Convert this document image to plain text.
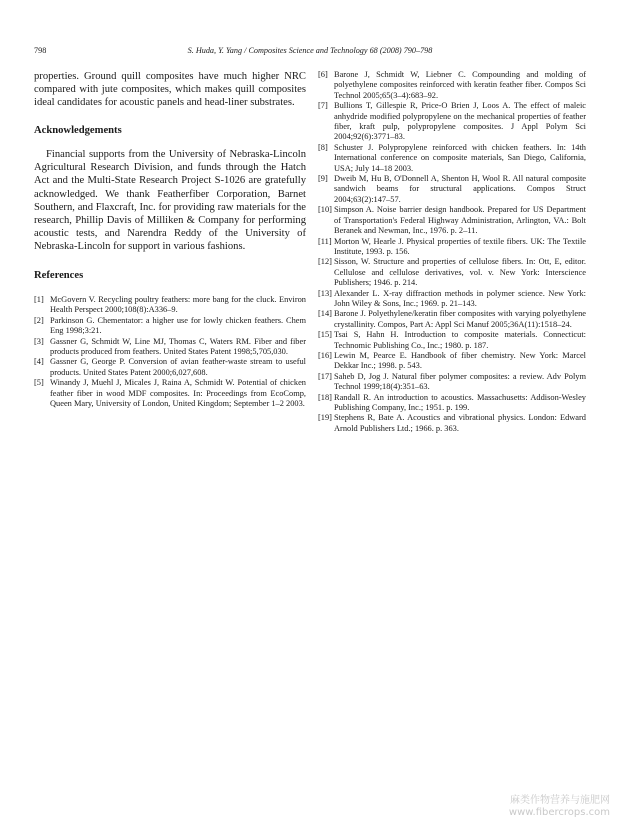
798	S. Huda, Y. Yang / Composites Science and Technology 68 (2008) 790–798

properties. Ground quill composites have much higher NRC compared with jute composites, which makes quill composites ideal candidates for acoustic panels and head-liner substrates.

Acknowledgements

Financial supports from the University of Nebraska-Lincoln Agricultural Research Division, and funds through the Hatch Act and the Multi-State Research Project S-1026 are gratefully acknowledged. We thank Featherfiber Corporation, Barnet Southern, and Flaxcraft, Inc. for providing raw materials for the research, Phillip Davis of Milliken & Company for performing acoustic tests, and Narendra Reddy of the University of Nebraska-Lincoln for support in various fashions.

References
[1] McGovern V. Recycling poultry feathers: more bang for the cluck. Environ Health Perspect 2000;108(8):A336–9.
[2] Parkinson G. Chementator: a higher use for lowly chicken feathers. Chem Eng 1998;3:21.
[3] Gassner G, Schmidt W, Line MJ, Thomas C, Waters RM. Fiber and fiber products produced from feathers. United States Patent 1998;5,705,030.
[4] Gassner G, George P. Conversion of avian feather-waste stream to useful products. United States Patent 2000;6,027,608.
[5] Winandy J, Muehl J, Micales J, Raina A, Schmidt W. Potential of chicken feather fiber in wood MDF composites. In: Proceedings from EcoComp, Queen Mary, University of London, United Kingdom; September 1–2 2003.
[6] Barone J, Schmidt W, Liebner C. Compounding and molding of polyethylene composites reinforced with keratin feather fiber. Compos Sci Technol 2005;65(3–4):683–92.
[7] Bullions T, Gillespie R, Price-O Brien J, Loos A. The effect of maleic anhydride modified polypropylene on the mechanical properties of feather fiber, kraft pulp, polypropylene composites. J Appl Polym Sci 2004;92(6):3771–83.
[8] Schuster J. Polypropylene reinforced with chicken feathers. In: 14th International conference on composite materials, San Diego, California, USA; July 14–18 2003.
[9] Dweib M, Hu B, O'Donnell A, Shenton H, Wool R. All natural composite sandwich beams for structural applications. Compos Struct 2004;63(2):147–57.
[10] Simpson A. Noise barrier design handbook. Prepared for US Department of Transportation's Federal Highway Administration, Arlington, VA.: Bolt Beranek and Newman, Inc., 1976. p. 2–11.
[11] Morton W, Hearle J. Physical properties of textile fibers. UK: The Textile Institute, 1993. p. 156.
[12] Sisson, W. Structure and properties of cellulose fibers. In: Ott, E, editor. Cellulose and cellulose derivatives, vol. v. New York: Interscience Publishers; 1946. p. 214.
[13] Alexander L. X-ray diffraction methods in polymer science. New York: John Wiley & Sons, Inc.; 1969. p. 21–143.
[14] Barone J. Polyethylene/keratin fiber composites with varying polyethylene crystallinity. Compos, Part A: Appl Sci Manuf 2005;36A(11):1518–24.
[15] Tsai S, Hahn H. Introduction to composite materials. Connecticut: Technomic Publishing Co., Inc.; 1980. p. 187.
[16] Lewin M, Pearce E. Handbook of fiber chemistry. New York: Marcel Dekkar Inc.; 1998. p. 543.
[17] Saheb D, Jog J. Natural fiber polymer composites: a review. Adv Polym Technol 1999;18(4):351–63.
[18] Randall R. An introduction to acoustics. Massachusetts: Addison-Wesley Publishing Company, Inc.; 1951. p. 199.
[19] Stephens R, Bate A. Acoustics and vibrational physics. London: Edward Arnold Publishers Ltd.; 1966. p. 363.
麻类作物营养与施肥网
www.fibercrops.com
